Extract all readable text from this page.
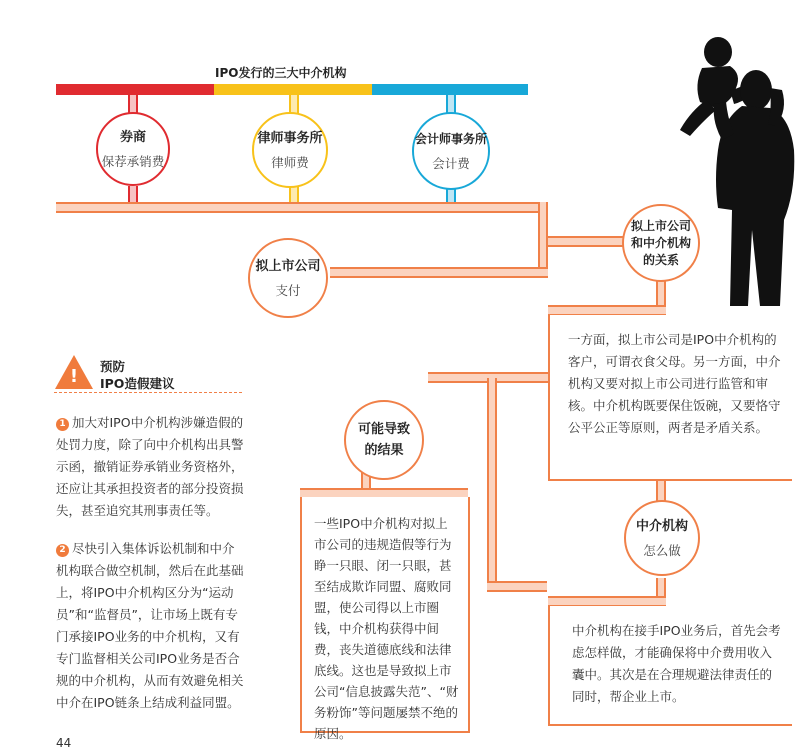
IPO发行的三大中介机构
券商
保荐承销费
律师事务所
律师费
会计师事务所
会计费
拟上市公司
支付
拟上市公司
和中介机构
的关系
一方面，拟上市公司是IPO中介机构的客户，可谓衣食父母。另一方面，中介机构又要对拟上市公司进行监管和审核。中介机构既要保住饭碗，又要恪守公平公正等原则，两者是矛盾关系。
可能导致
的结果
一些IPO中介机构对拟上市公司的违规造假等行为睁一只眼、闭一只眼，甚至结成欺诈同盟、腐败同盟，使公司得以上市圈钱，中介机构获得中间费，丧失道德底线和法律底线。这也是导致拟上市公司“信息披露失范”、“财务粉饰”等问题屡禁不绝的原因。
中介机构
怎么做
中介机构在接手IPO业务后，首先会考虑怎样做，才能确保将中介费用收入囊中。其次是在合理规避法律责任的同时，帮企业上市。
!	预防
IPO造假建议
1 加大对IPO中介机构涉嫌造假的处罚力度，除了向中介机构出具警示函，撤销证券承销业务资格外，还应让其承担投资者的部分投资损失，甚至追究其刑事责任等。
2 尽快引入集体诉讼机制和中介机构联合做空机制，然后在此基础上，将IPO中介机构区分为“运动员”和“监督员”，让市场上既有专门承接IPO业务的中介机构，又有专门监督相关公司IPO业务是否合规的中介机构，从而有效避免相关中介在IPO链条上结成利益同盟。
44
